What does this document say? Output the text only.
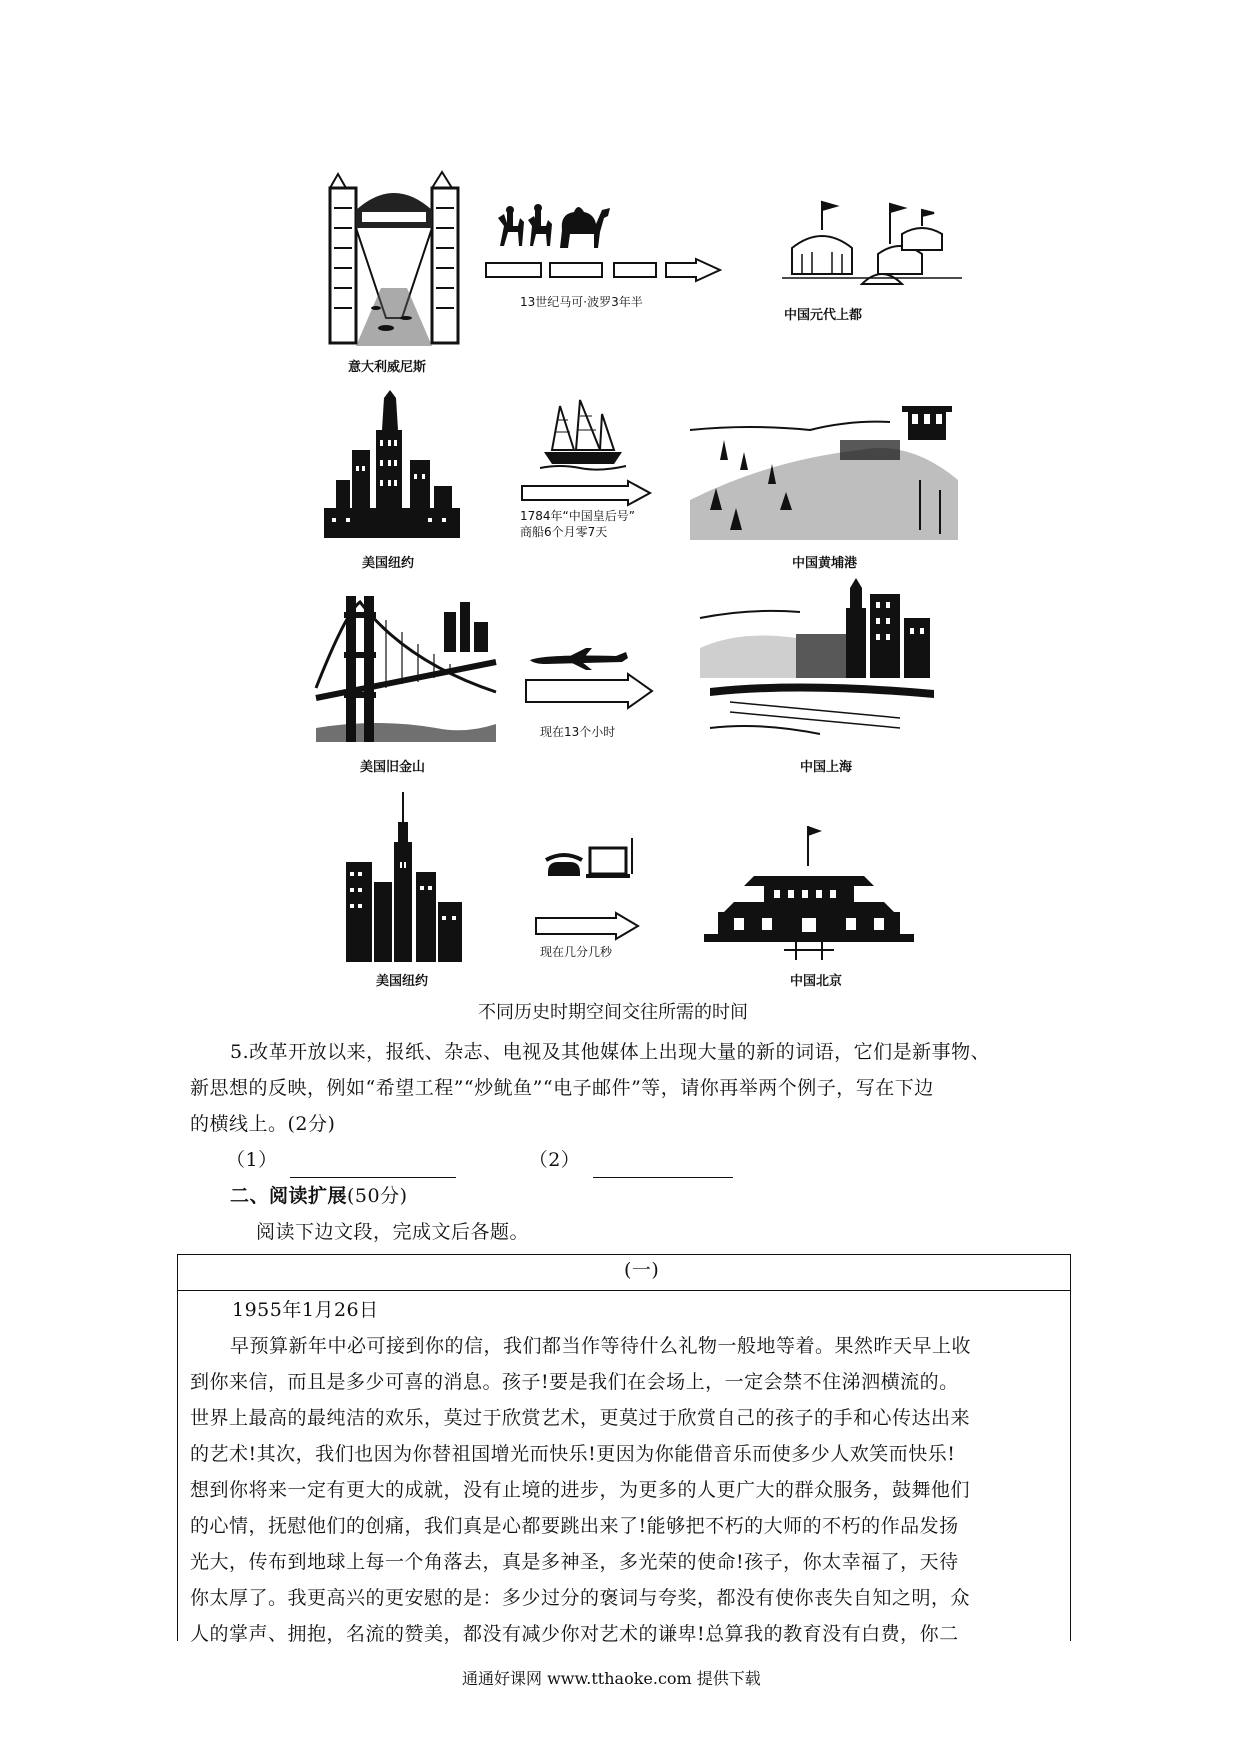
意大利威尼斯
13世纪马可·波罗3年半
中国元代上都
美国纽约
1784年“中国皇后号”
商船6个月零7天
中国黄埔港
美国旧金山
现在13个小时
中国上海
美国纽约
现在几分几秒
中国北京
不同历史时期空间交往所需的时间
5.改革开放以来，报纸、杂志、电视及其他媒体上出现大量的新的词语，它们是新事物、
新思想的反映，例如“希望工程”“炒鱿鱼”“电子邮件”等，请你再举两个例子，写在下边
的横线上。(2分)
（1）	（2）
二、阅读扩展(50分)
阅读下边文段，完成文后各题。
(一)
1955年1月26日
早预算新年中必可接到你的信，我们都当作等待什么礼物一般地等着。果然昨天早上收
到你来信，而且是多少可喜的消息。孩子!要是我们在会场上，一定会禁不住涕泗横流的。
世界上最高的最纯洁的欢乐，莫过于欣赏艺术，更莫过于欣赏自己的孩子的手和心传达出来
的艺术!其次，我们也因为你替祖国增光而快乐!更因为你能借音乐而使多少人欢笑而快乐!
想到你将来一定有更大的成就，没有止境的进步，为更多的人更广大的群众服务，鼓舞他们
的心情，抚慰他们的创痛，我们真是心都要跳出来了!能够把不朽的大师的不朽的作品发扬
光大，传布到地球上每一个角落去，真是多神圣，多光荣的使命!孩子，你太幸福了，天待
你太厚了。我更高兴的更安慰的是：多少过分的褒词与夸奖，都没有使你丧失自知之明，众
人的掌声、拥抱，名流的赞美，都没有减少你对艺术的谦卑!总算我的教育没有白费，你二
通通好课网 www.tthaoke.com 提供下载
